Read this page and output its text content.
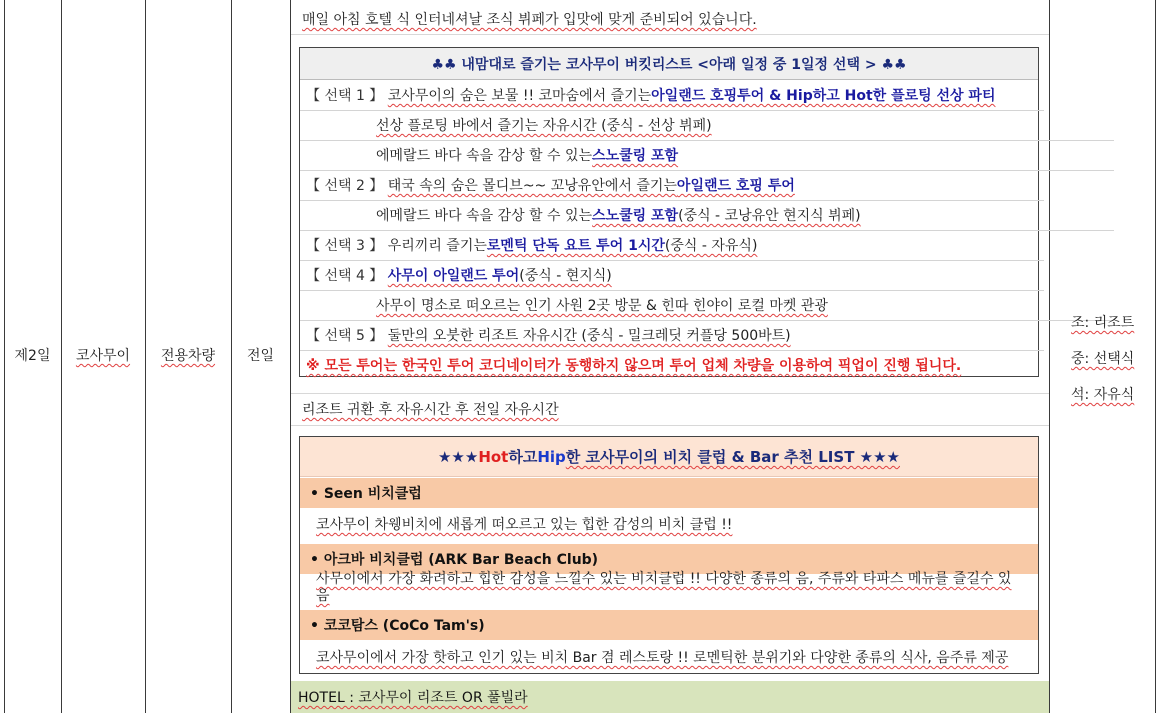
제2일	코사무이	전용차량	전일
매일 아침 호텔 식 인터네셔날 조식 뷔페가 입맛에 맞게 준비되어 있습니다.
♣♣ 내맘대로 즐기는 코사무이 버킷리스트 <아래 일정 중 1일정 선택 > ♣♣
【 선택 1 】
코사무이의 숨은 보물 !! 코마숨에서 즐기는 아일랜드 호핑투어 & Hip하고 Hot한 플로팅 선상 파티
선상 플로팅 바에서 즐기는 자유시간 (중식 - 선상 뷔페)
에메랄드 바다 속을 감상 할 수 있는 스노쿨링 포함
【 선택 2 】
태국 속의 숨은 몰디브~~ 꼬낭유안에서 즐기는 아일랜드 호핑 투어
에메랄드 바다 속을 감상 할 수 있는 스노쿨링 포함 (중식 - 코낭유안 현지식 뷔페)
【 선택 3 】
우리끼리 즐기는 로멘틱 단독 요트 투어 1시간 (중식 - 자유식)
【 선택 4 】
사무이 아일랜드 투어 (중식 - 현지식)
사무이 명소로 떠오르는 인기 사원 2곳 방문 & 힌따 힌야이 로컬 마켓 관광
【 선택 5 】
둘만의 오붓한 리조트 자유시간 (중식 - 밀크레딧 커플당 500바트)
※ 모든 투어는 한국인 투어 코디네이터가 동행하지 않으며 투어 업체 차량을 이용하여 픽업이 진행 됩니다.
리조트 귀환 후 자유시간 후 전일 자유시간
★★★ Hot 하고 Hip 한 코사무이의 비치 클럽 & Bar 추천 LIST ★★★
• Seen 비치클럽
코사무이 차웽비치에 새롭게 떠오르고 있는 힙한 감성의 비치 클럽 !!
• 아크바 비치클럽 (ARK Bar Beach Club)
사무이에서 가장 화려하고 힙한 감성을 느낄수 있는 비치클럽 !! 다양한 종류의 음, 주류와 타파스 메뉴를 즐길수 있음
• 코코탐스 (CoCo Tam's)
코사무이에서 가장 핫하고 인기 있는 비치 Bar 겸 레스토랑 !! 로멘틱한 분위기와 다양한 종류의 식사, 음주류 제공
HOTEL : 코사무이 리조트 OR 풀빌라
조: 리조트
중: 선택식
석: 자유식
